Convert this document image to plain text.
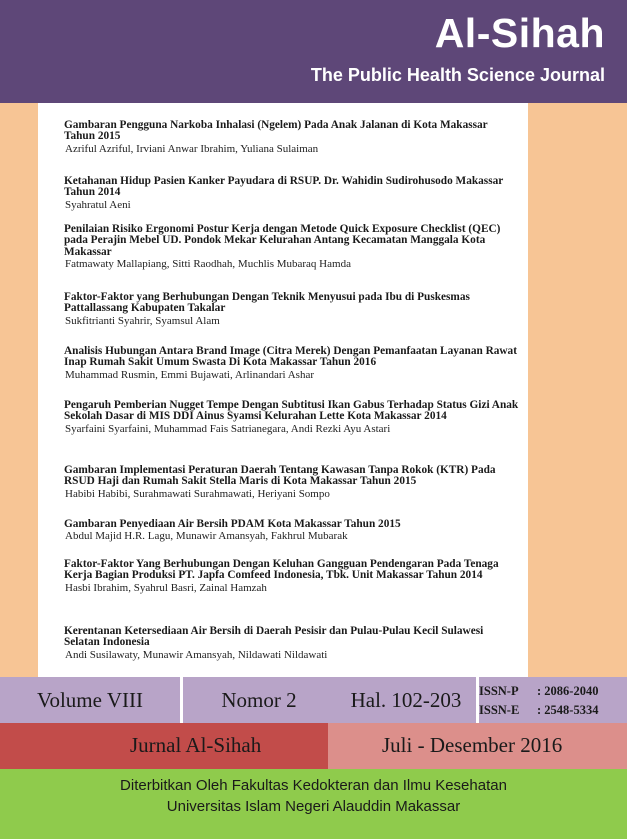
Al-Sihah
The Public Health Science Journal
Gambaran Pengguna Narkoba Inhalasi (Ngelem) Pada Anak Jalanan di Kota Makassar Tahun 2015
Azriful Azriful, Irviani Anwar Ibrahim, Yuliana Sulaiman
Ketahanan Hidup Pasien Kanker Payudara di RSUP. Dr. Wahidin Sudirohusodo Makassar Tahun 2014
Syahratul Aeni
Penilaian Risiko Ergonomi Postur Kerja dengan Metode Quick Exposure Checklist (QEC) pada Perajin Mebel UD. Pondok Mekar Kelurahan Antang Kecamatan Manggala Kota Makassar
Fatmawaty Mallapiang, Sitti Raodhah, Muchlis Mubaraq Hamda
Faktor-Faktor yang Berhubungan Dengan Teknik Menyusui pada Ibu di Puskesmas Pattallassang Kabupaten Takalar
Sukfitrianti Syahrir, Syamsul Alam
Analisis Hubungan Antara Brand Image (Citra Merek) Dengan Pemanfaatan Layanan Rawat Inap Rumah Sakit Umum Swasta Di Kota Makassar Tahun 2016
Muhammad Rusmin, Emmi Bujawati, Arlinandari Ashar
Pengaruh Pemberian Nugget Tempe Dengan Subtitusi Ikan Gabus Terhadap Status Gizi Anak Sekolah Dasar di MIS DDI Ainus Syamsi Kelurahan Lette Kota Makassar 2014
Syarfaini Syarfaini, Muhammad Fais Satrianegara, Andi Rezki Ayu Astari
Gambaran Implementasi Peraturan Daerah Tentang Kawasan Tanpa Rokok (KTR) Pada RSUD Haji dan Rumah Sakit Stella Maris di Kota Makassar Tahun 2015
Habibi Habibi, Surahmawati Surahmawati, Heriyani Sompo
Gambaran Penyediaan Air Bersih PDAM Kota Makassar Tahun 2015
Abdul Majid H.R. Lagu, Munawir Amansyah, Fakhrul Mubarak
Faktor-Faktor Yang Berhubungan Dengan Keluhan Gangguan Pendengaran Pada Tenaga Kerja Bagian Produksi PT. Japfa Comfeed Indonesia, Tbk. Unit Makassar Tahun 2014
Hasbi Ibrahim, Syahrul Basri, Zainal Hamzah
Kerentanan Ketersediaan Air Bersih di Daerah Pesisir dan Pulau-Pulau Kecil Sulawesi Selatan Indonesia
Andi Susilawaty, Munawir Amansyah, Nildawati Nildawati
Volume VIII	Nomor 2	Hal. 102-203	ISSN-P : 2086-2040
ISSN-E : 2548-5334
Jurnal Al-Sihah	Juli - Desember 2016
Diterbitkan Oleh Fakultas Kedokteran dan Ilmu Kesehatan
Universitas Islam Negeri Alauddin Makassar
